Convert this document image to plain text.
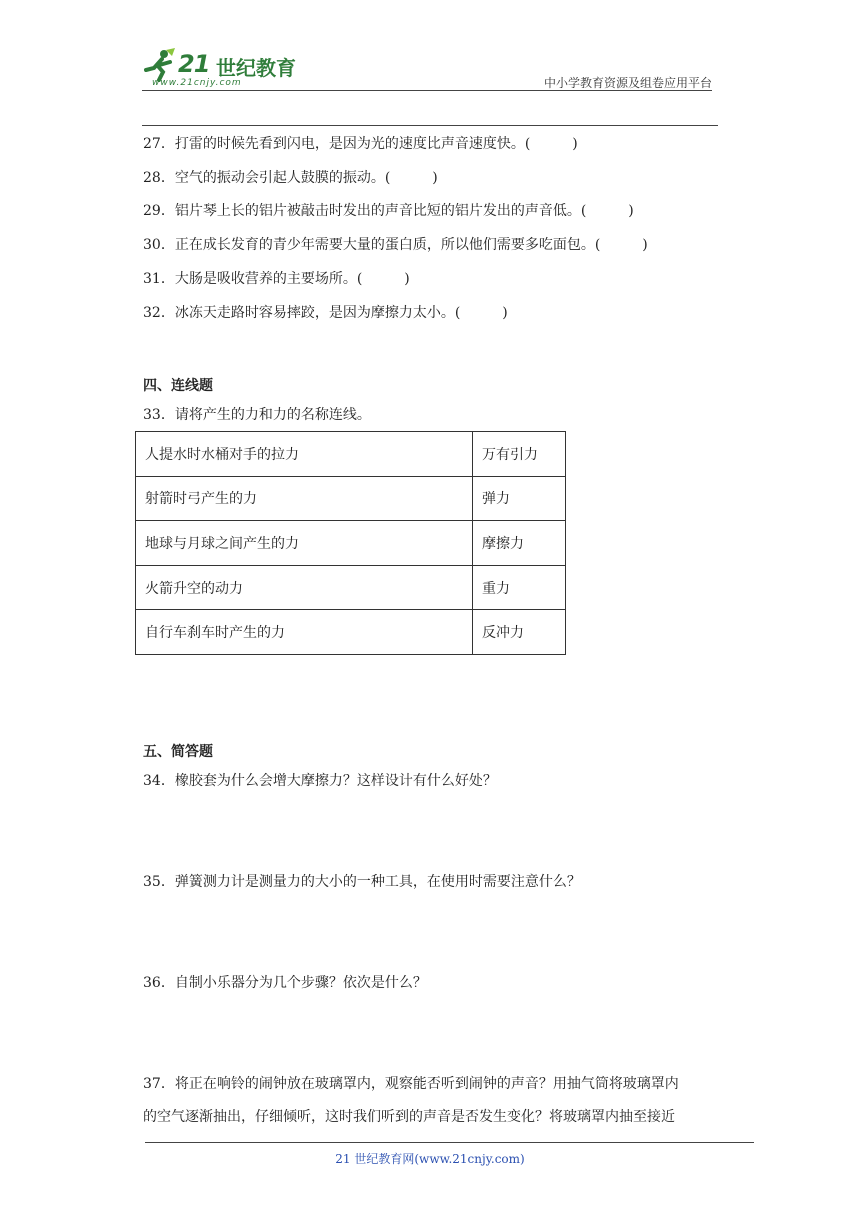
21 世纪教育
www.21cnjy.com	中小学教育资源及组卷应用平台
27．打雷的时候先看到闪电，是因为光的速度比声音速度快。(　　　)
28．空气的振动会引起人鼓膜的振动。(　　　)
29．铝片琴上长的铝片被敲击时发出的声音比短的铝片发出的声音低。(　　　)
30．正在成长发育的青少年需要大量的蛋白质，所以他们需要多吃面包。(　　　)
31．大肠是吸收营养的主要场所。(　　　)
32．冰冻天走路时容易摔跤，是因为摩擦力太小。(　　　)
四、连线题
33．请将产生的力和力的名称连线。
人提水时水桶对手的拉力	万有引力
射箭时弓产生的力	弹力
地球与月球之间产生的力	摩擦力
火箭升空的动力	重力
自行车刹车时产生的力	反冲力
五、简答题
34．橡胶套为什么会增大摩擦力？这样设计有什么好处？
35．弹簧测力计是测量力的大小的一种工具，在使用时需要注意什么？
36．自制小乐器分为几个步骤？依次是什么？
37．将正在响铃的闹钟放在玻璃罩内，观察能否听到闹钟的声音？用抽气筒将玻璃罩内
的空气逐渐抽出，仔细倾听，这时我们听到的声音是否发生变化？将玻璃罩内抽至接近
21 世纪教育网(www.21cnjy.com)
